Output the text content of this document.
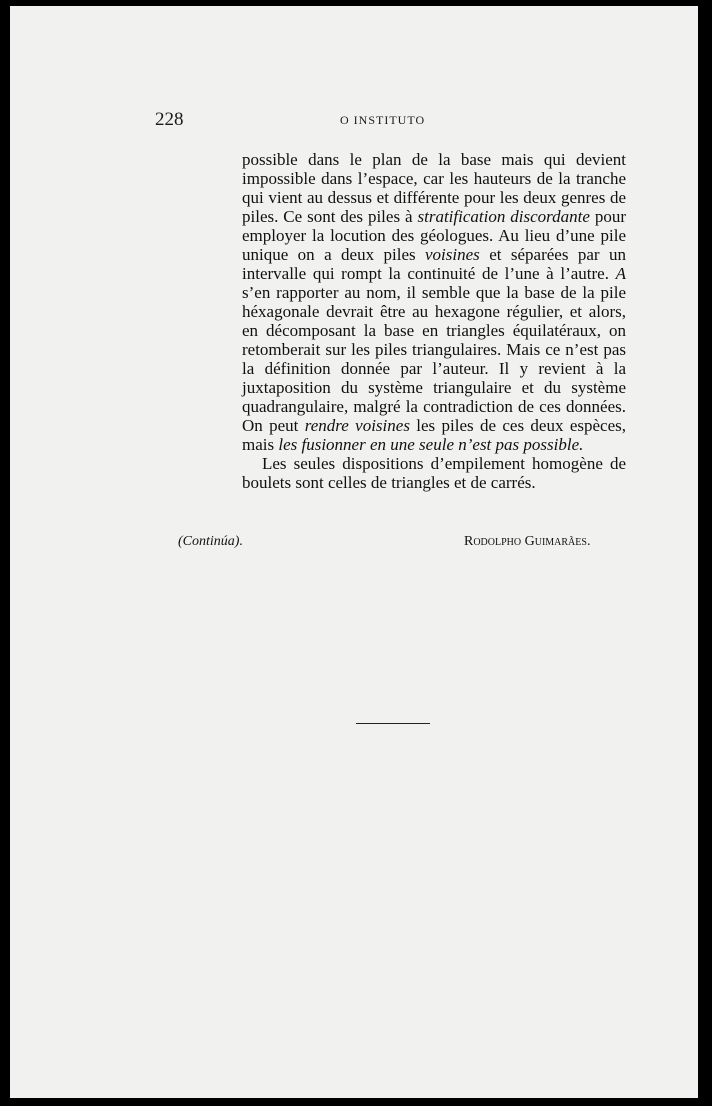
228	O INSTITUTO

possible dans le plan de la base mais qui devient impossible dans l’espace, car les hauteurs de la tranche qui vient au dessus et différente pour les deux genres de piles. Ce sont des piles à stratification discordante pour employer la locution des géologues. Au lieu d’une pile unique on a deux piles voisines et séparées par un intervalle qui rompt la continuité de l’une à l’autre. A s’en rapporter au nom, il semble que la base de la pile héxagonale devrait être au hexagone régulier, et alors, en décomposant la base en triangles équilatéraux, on retomberait sur les piles triangulaires. Mais ce n’est pas la définition donnée par l’auteur. Il y revient à la juxtaposition du système triangulaire et du système quadrangulaire, malgré la contradiction de ces données. On peut rendre voisines les piles de ces deux espèces, mais les fusionner en une seule n’est pas possible.

Les seules dispositions d’empilement homogène de boulets sont celles de triangles et de carrés.

(Continúa).	Rodolpho Guimarães.
